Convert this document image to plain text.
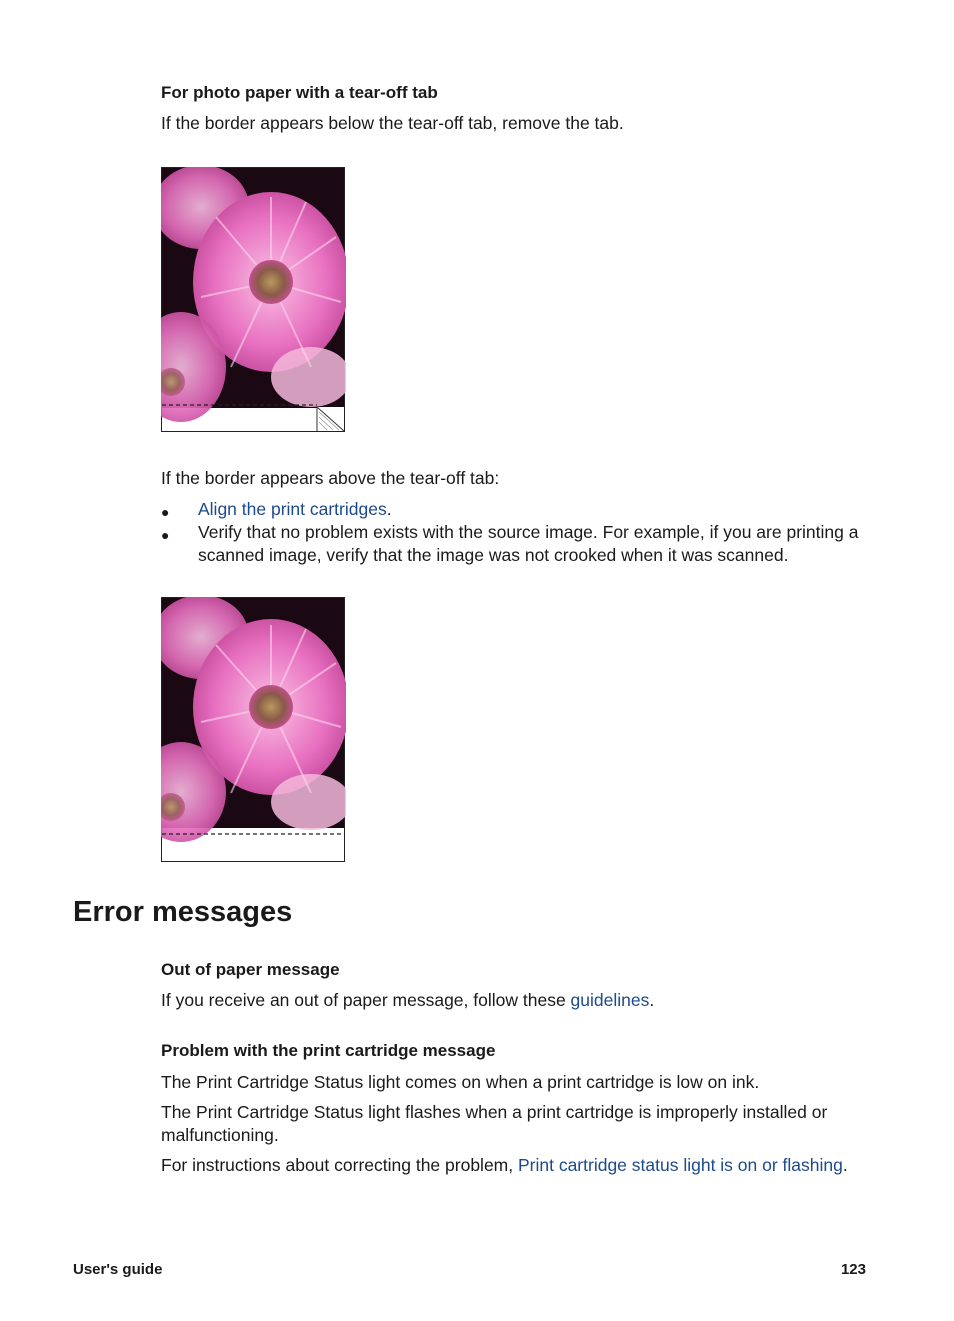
For photo paper with a tear-off tab
If the border appears below the tear-off tab, remove the tab.
If the border appears above the tear-off tab:
● Align the print cartridges.
● Verify that no problem exists with the source image. For example, if you are printing a scanned image, verify that the image was not crooked when it was scanned.
Error messages
Out of paper message
If you receive an out of paper message, follow these guidelines.
Problem with the print cartridge message
The Print Cartridge Status light comes on when a print cartridge is low on ink.
The Print Cartridge Status light flashes when a print cartridge is improperly installed or malfunctioning.
For instructions about correcting the problem, Print cartridge status light is on or flashing.
User's guide	123
